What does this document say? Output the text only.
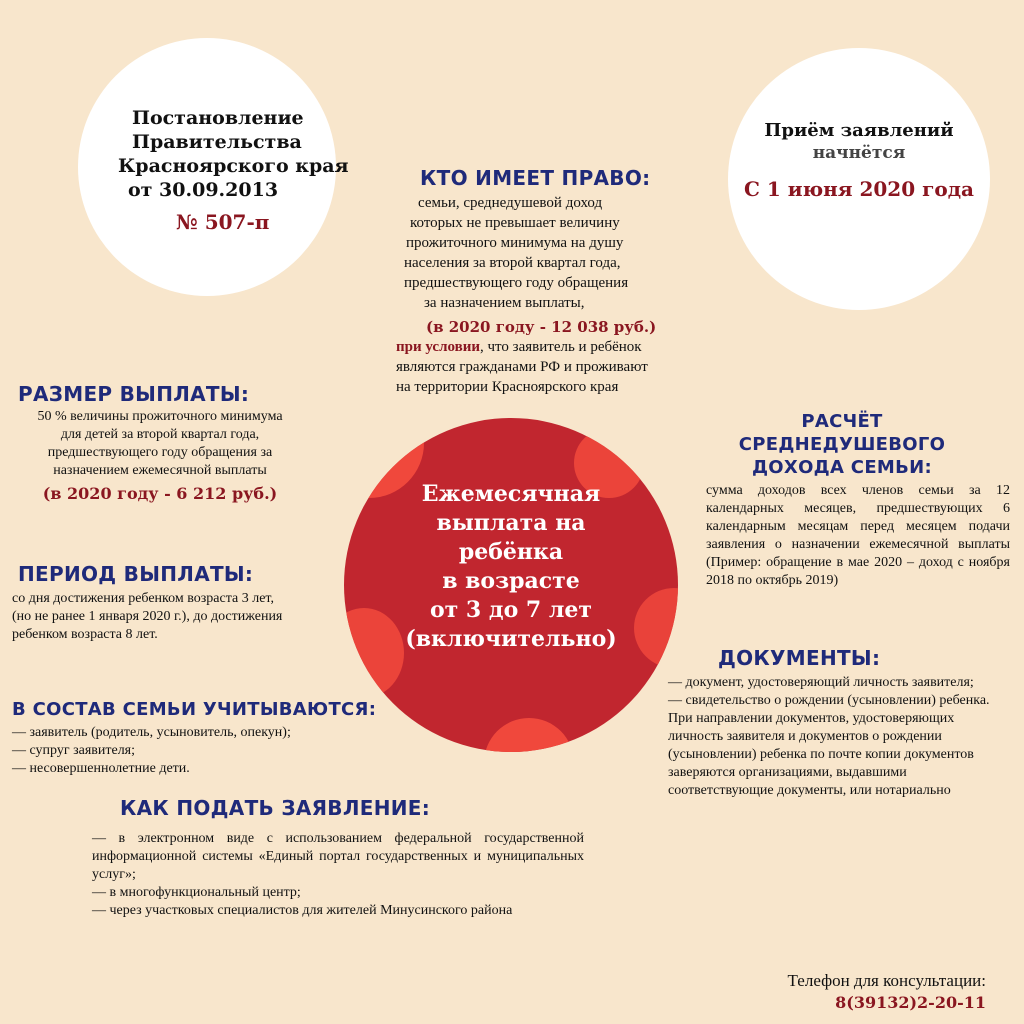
Постановление
Правительства
Красноярского края
от 30.09.2013
№ 507-п
Приём заявлений
начнётся
С 1 июня 2020 года
КТО ИМЕЕТ ПРАВО:
семьи, среднедушевой доход
которых не превышает величину
прожиточного минимума на душу
населения за второй квартал года,
предшествующего году обращения
за назначением выплаты,
(в 2020 году - 12 038 руб.)
при условии, что заявитель и ребёнок
являются гражданами РФ и проживают
на территории Красноярского края
РАЗМЕР ВЫПЛАТЫ:
50 % величины прожиточного минимума
для детей за второй квартал года,
предшествующего году обращения за
назначением ежемесячной выплаты
(в 2020 году - 6 212 руб.)
ПЕРИОД ВЫПЛАТЫ:
со дня достижения ребенком возраста 3 лет,
(но не ранее 1 января 2020 г.), до достижения
ребенком возраста 8 лет.
В СОСТАВ СЕМЬИ УЧИТЫВАЮТСЯ:
— заявитель (родитель, усыновитель, опекун);
— супруг заявителя;
— несовершеннолетние дети.
КАК ПОДАТЬ ЗАЯВЛЕНИЕ:
— в электронном виде с использованием федеральной государственной информационной системы «Единый портал государственных и муниципальных услуг»;
— в многофункциональный центр;
— через участковых специалистов для жителей Минусинского района
РАСЧЁТ
СРЕДНЕДУШЕВОГО
ДОХОДА СЕМЬИ:
сумма доходов всех членов семьи за 12 календарных месяцев, предшествующих 6 календарным месяцам перед месяцем подачи заявления о назначении ежемесячной выплаты (Пример: обращение в мае 2020 – доход с ноября 2018 по октябрь 2019)
ДОКУМЕНТЫ:
— документ, удостоверяющий личность заявителя;
— свидетельство о рождении (усыновлении) ребенка.
При направлении документов, удостоверяющих личность заявителя и документов о рождении (усыновлении) ребенка по почте копии документов заверяются организациями, выдавшими соответствующие документы, или нотариально
Ежемесячная
выплата на
ребёнка
в возрасте
от 3 до 7 лет
(включительно)
Телефон для консультации:
8(39132)2-20-11
